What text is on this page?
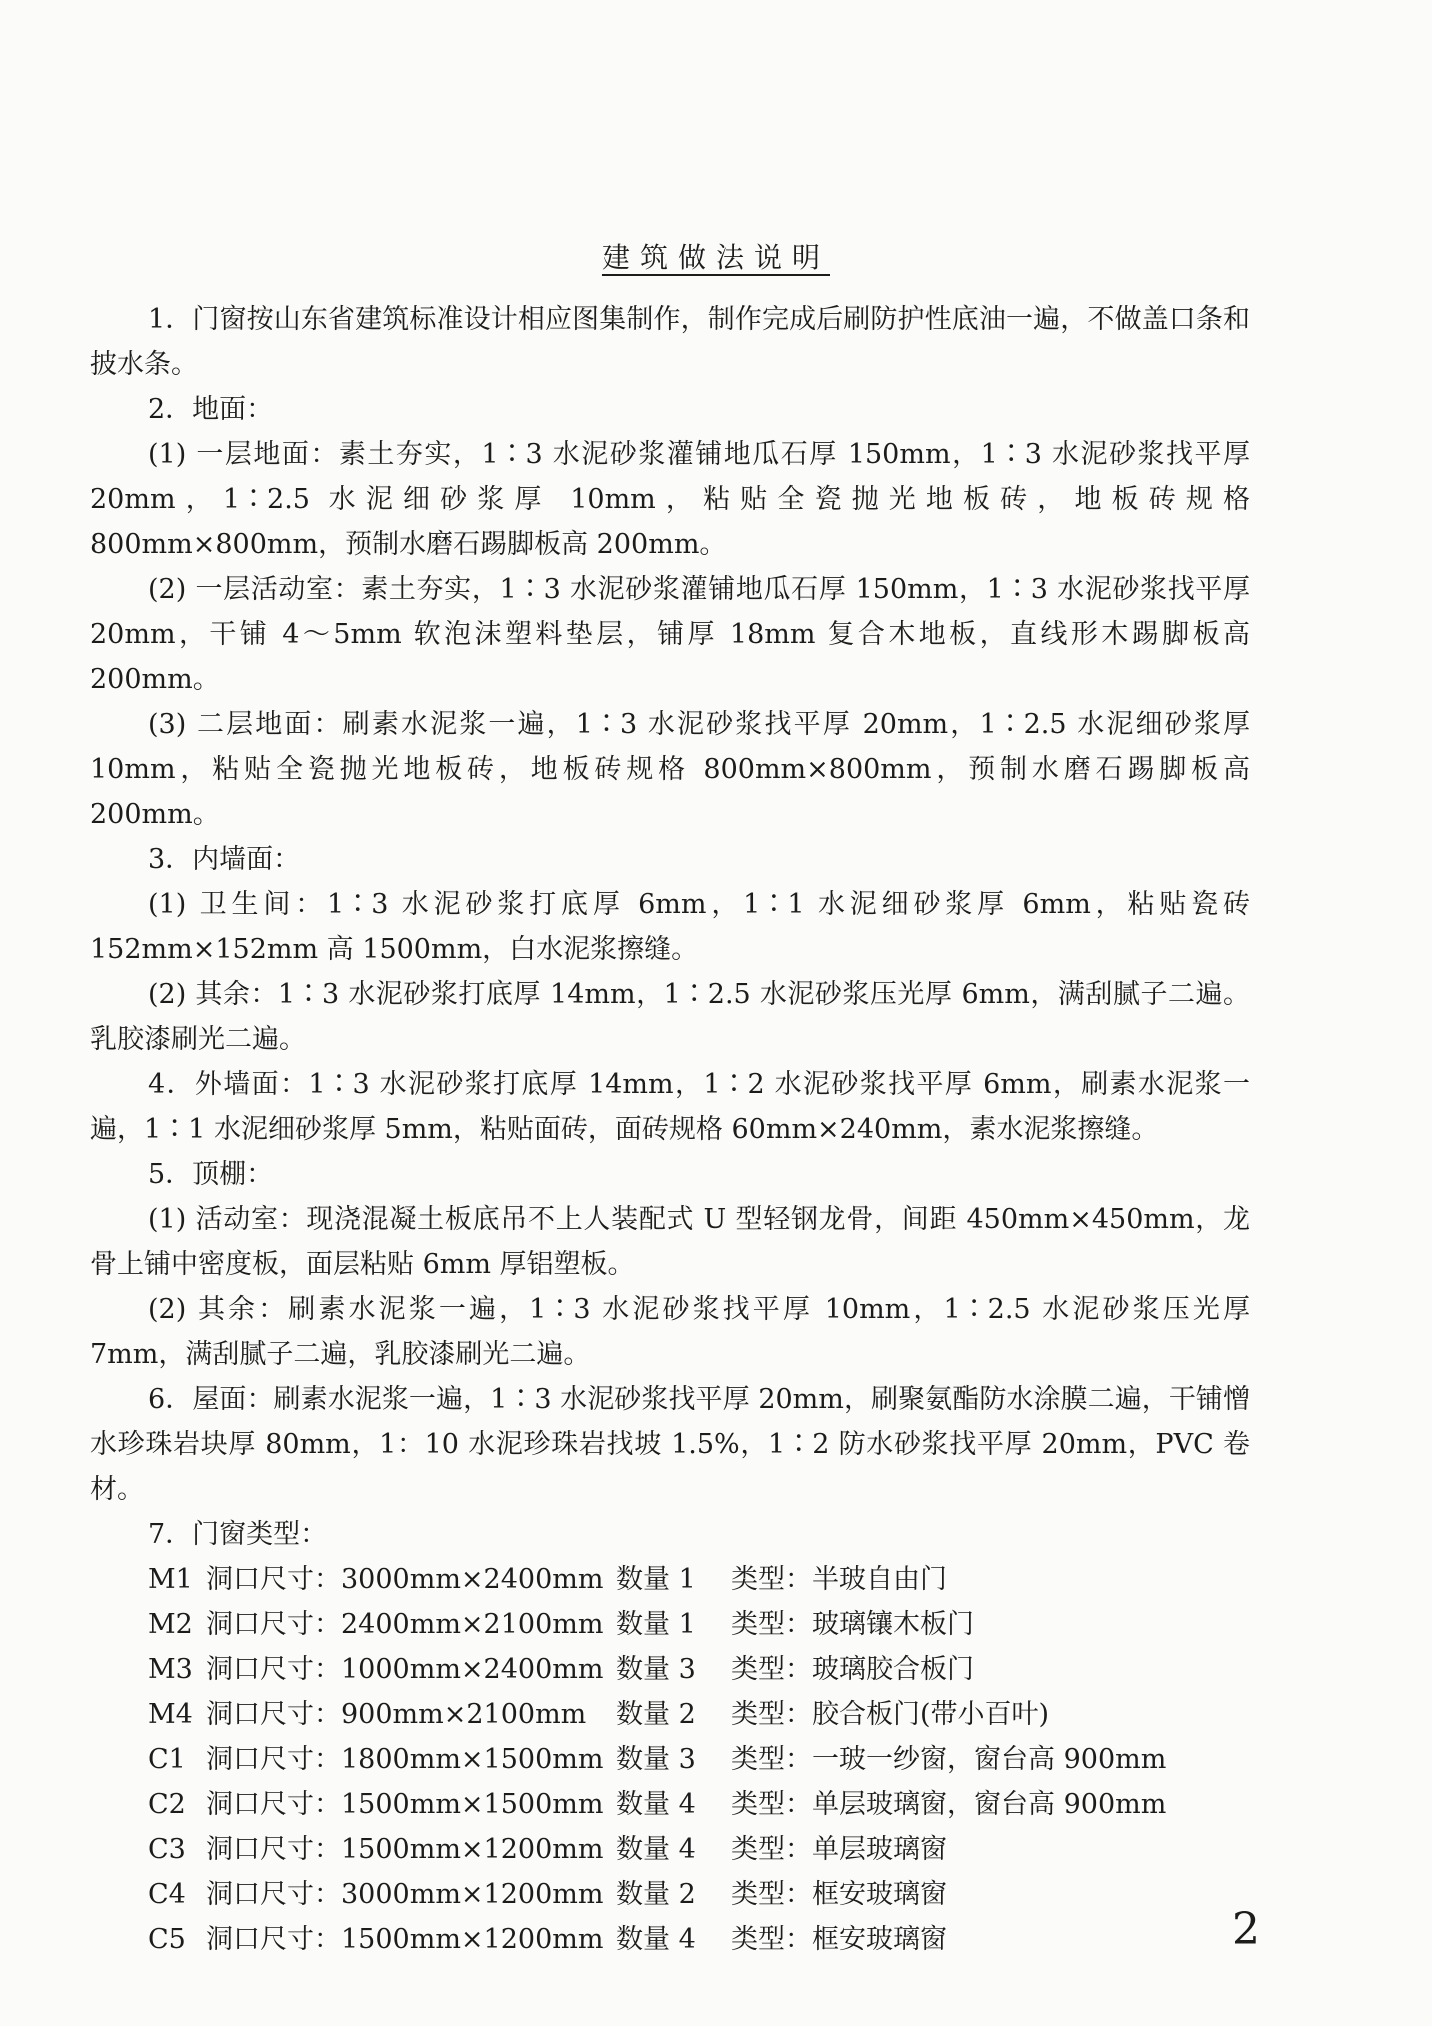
建筑做法说明

1．门窗按山东省建筑标准设计相应图集制作，制作完成后刷防护性底油一遍，不做盖口条和披水条。

2．地面：

(1) 一层地面：素土夯实，1∶3 水泥砂浆灌铺地瓜石厚 150mm，1∶3 水泥砂浆找平厚 20mm，1∶2.5 水泥细砂浆厚 10mm，粘贴全瓷抛光地板砖，地板砖规格 800mm×800mm，预制水磨石踢脚板高 200mm。

(2) 一层活动室：素土夯实，1∶3 水泥砂浆灌铺地瓜石厚 150mm，1∶3 水泥砂浆找平厚 20mm，干铺 4～5mm 软泡沫塑料垫层，铺厚 18mm 复合木地板，直线形木踢脚板高 200mm。

(3) 二层地面：刷素水泥浆一遍，1∶3 水泥砂浆找平厚 20mm，1∶2.5 水泥细砂浆厚 10mm，粘贴全瓷抛光地板砖，地板砖规格 800mm×800mm，预制水磨石踢脚板高 200mm。

3．内墙面：

(1) 卫生间：1∶3 水泥砂浆打底厚 6mm，1∶1 水泥细砂浆厚 6mm，粘贴瓷砖 152mm×152mm 高 1500mm，白水泥浆擦缝。

(2) 其余：1∶3 水泥砂浆打底厚 14mm，1∶2.5 水泥砂浆压光厚 6mm，满刮腻子二遍。乳胶漆刷光二遍。

4．外墙面：1∶3 水泥砂浆打底厚 14mm，1∶2 水泥砂浆找平厚 6mm，刷素水泥浆一遍，1∶1 水泥细砂浆厚 5mm，粘贴面砖，面砖规格 60mm×240mm，素水泥浆擦缝。

5．顶棚：

(1) 活动室：现浇混凝土板底吊不上人装配式 U 型轻钢龙骨，间距 450mm×450mm，龙骨上铺中密度板，面层粘贴 6mm 厚铝塑板。

(2) 其余：刷素水泥浆一遍，1∶3 水泥砂浆找平厚 10mm，1∶2.5 水泥砂浆压光厚 7mm，满刮腻子二遍，乳胶漆刷光二遍。

6．屋面：刷素水泥浆一遍，1∶3 水泥砂浆找平厚 20mm，刷聚氨酯防水涂膜二遍，干铺憎水珍珠岩块厚 80mm，1：10 水泥珍珠岩找坡 1.5%，1∶2 防水砂浆找平厚 20mm，PVC 卷材。

7．门窗类型：

M1 洞口尺寸：3000mm×2400mm 数量 1	类型：半玻自由门
M2 洞口尺寸：2400mm×2100mm 数量 1	类型：玻璃镶木板门
M3 洞口尺寸：1000mm×2400mm 数量 3	类型：玻璃胶合板门
M4 洞口尺寸：900mm×2100mm	数量 2	类型：胶合板门(带小百叶)
C1 洞口尺寸：1800mm×1500mm 数量 3	类型：一玻一纱窗，窗台高 900mm
C2 洞口尺寸：1500mm×1500mm 数量 4	类型：单层玻璃窗，窗台高 900mm
C3 洞口尺寸：1500mm×1200mm 数量 4	类型：单层玻璃窗
C4 洞口尺寸：3000mm×1200mm 数量 2	类型：框安玻璃窗
C5 洞口尺寸：1500mm×1200mm 数量 4	类型：框安玻璃窗	2
